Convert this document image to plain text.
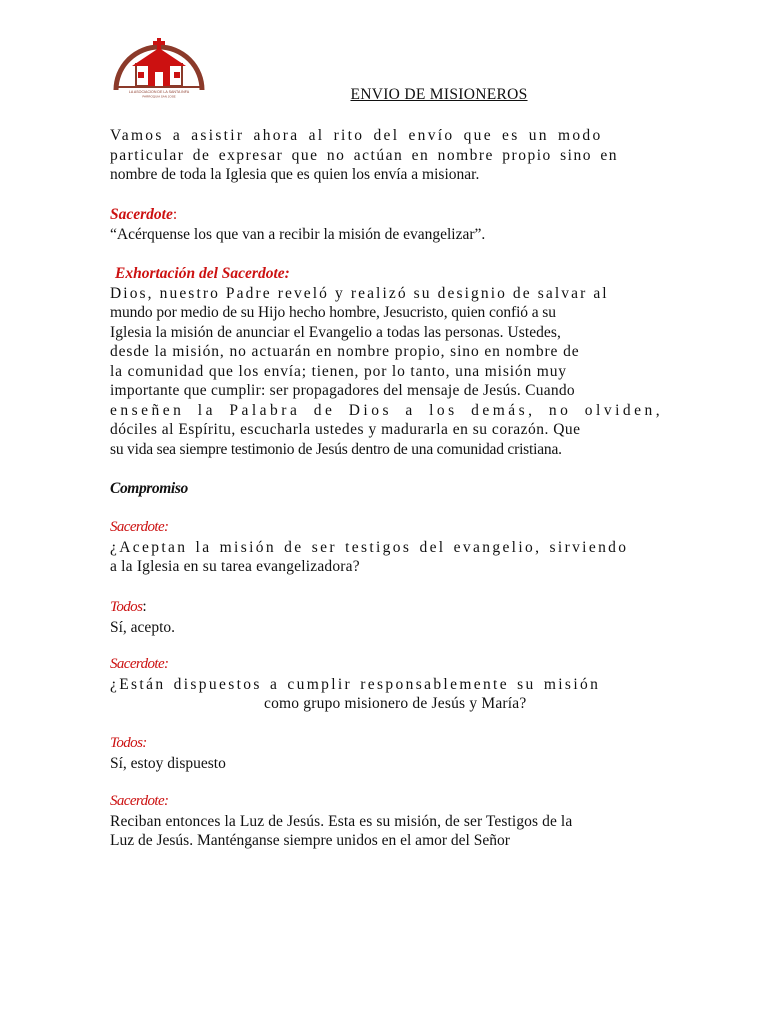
LA ASOCIACION DE LA SANTA INFA
PARROQUIA SAN JOSE	ENVIO DE MISIONEROS
Vamos a asistir ahora al rito del envío que es un modo
particular de expresar que no actúan en nombre propio sino en
nombre de toda la Iglesia que es quien los envía a misionar.
Sacerdote:
“Acérquense los que van a recibir la misión de evangelizar”.
Exhortación del Sacerdote:
Dios, nuestro Padre reveló y realizó su designio de salvar al
mundo por medio de su Hijo hecho hombre, Jesucristo, quien confió a su
Iglesia la misión de anunciar el Evangelio a todas las personas. Ustedes,
desde la misión, no actuarán en nombre propio, sino en nombre de
la comunidad que los envía; tienen, por lo tanto, una misión muy
importante que cumplir: ser propagadores del mensaje de Jesús. Cuando
enseñen la Palabra de Dios a los demás, no olviden,
dóciles al Espíritu, escucharla ustedes y madurarla en su corazón. Que
su vida sea siempre testimonio de Jesús dentro de una comunidad cristiana.
Compromiso
Sacerdote:
¿Aceptan la misión de ser testigos del evangelio, sirviendo
a la Iglesia en su tarea evangelizadora?
Todos:
Sí, acepto.
Sacerdote:
¿Están dispuestos a cumplir responsablemente su misión
como grupo misionero de Jesús y María?
Todos:
Sí, estoy dispuesto
Sacerdote:
Reciban entonces la Luz de Jesús. Esta es su misión, de ser Testigos de la
Luz de Jesús. Manténganse siempre unidos en el amor del Señor
